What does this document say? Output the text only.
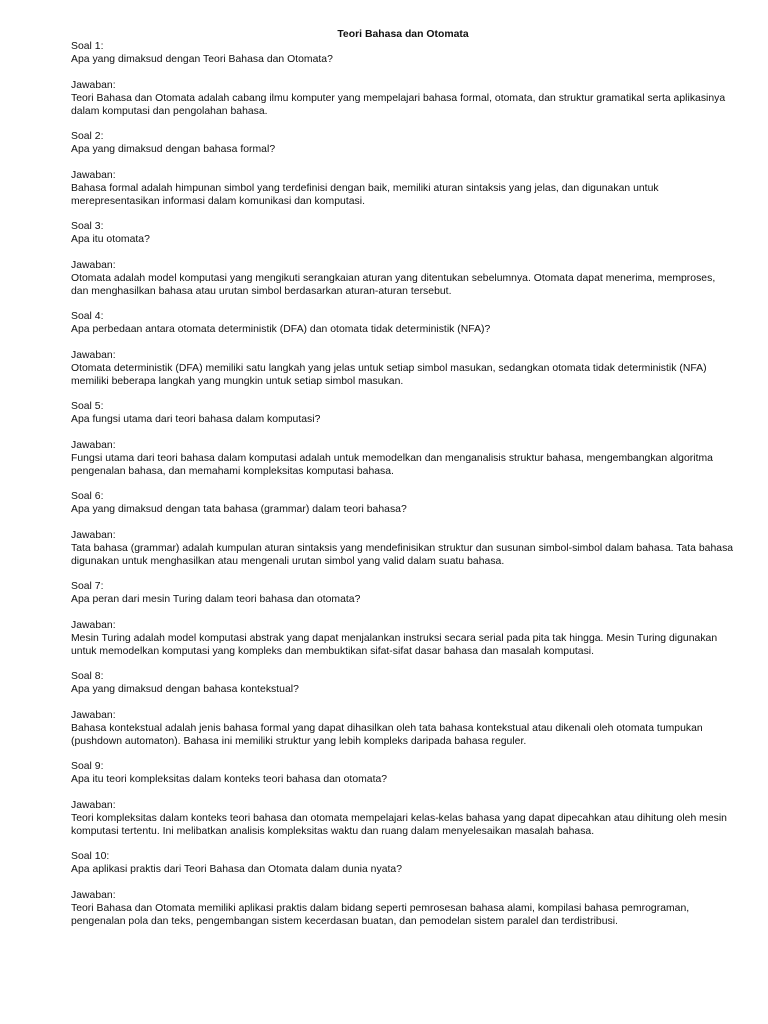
Teori Bahasa dan Otomata
Soal 1:
Apa yang dimaksud dengan Teori Bahasa dan Otomata?
Jawaban:
Teori Bahasa dan Otomata adalah cabang ilmu komputer yang mempelajari bahasa formal, otomata, dan struktur gramatikal serta aplikasinya dalam komputasi dan pengolahan bahasa.
Soal 2:
Apa yang dimaksud dengan bahasa formal?
Jawaban:
Bahasa formal adalah himpunan simbol yang terdefinisi dengan baik, memiliki aturan sintaksis yang jelas, dan digunakan untuk merepresentasikan informasi dalam komunikasi dan komputasi.
Soal 3:
Apa itu otomata?
Jawaban:
Otomata adalah model komputasi yang mengikuti serangkaian aturan yang ditentukan sebelumnya. Otomata dapat menerima, memproses, dan menghasilkan bahasa atau urutan simbol berdasarkan aturan-aturan tersebut.
Soal 4:
Apa perbedaan antara otomata deterministik (DFA) dan otomata tidak deterministik (NFA)?
Jawaban:
Otomata deterministik (DFA) memiliki satu langkah yang jelas untuk setiap simbol masukan, sedangkan otomata tidak deterministik (NFA) memiliki beberapa langkah yang mungkin untuk setiap simbol masukan.
Soal 5:
Apa fungsi utama dari teori bahasa dalam komputasi?
Jawaban:
Fungsi utama dari teori bahasa dalam komputasi adalah untuk memodelkan dan menganalisis struktur bahasa, mengembangkan algoritma pengenalan bahasa, dan memahami kompleksitas komputasi bahasa.
Soal 6:
Apa yang dimaksud dengan tata bahasa (grammar) dalam teori bahasa?
Jawaban:
Tata bahasa (grammar) adalah kumpulan aturan sintaksis yang mendefinisikan struktur dan susunan simbol-simbol dalam bahasa. Tata bahasa digunakan untuk menghasilkan atau mengenali urutan simbol yang valid dalam suatu bahasa.
Soal 7:
Apa peran dari mesin Turing dalam teori bahasa dan otomata?
Jawaban:
Mesin Turing adalah model komputasi abstrak yang dapat menjalankan instruksi secara serial pada pita tak hingga. Mesin Turing digunakan untuk memodelkan komputasi yang kompleks dan membuktikan sifat-sifat dasar bahasa dan masalah komputasi.
Soal 8:
Apa yang dimaksud dengan bahasa kontekstual?
Jawaban:
Bahasa kontekstual adalah jenis bahasa formal yang dapat dihasilkan oleh tata bahasa kontekstual atau dikenali oleh otomata tumpukan (pushdown automaton). Bahasa ini memiliki struktur yang lebih kompleks daripada bahasa reguler.
Soal 9:
Apa itu teori kompleksitas dalam konteks teori bahasa dan otomata?
Jawaban:
Teori kompleksitas dalam konteks teori bahasa dan otomata mempelajari kelas-kelas bahasa yang dapat dipecahkan atau dihitung oleh mesin komputasi tertentu. Ini melibatkan analisis kompleksitas waktu dan ruang dalam menyelesaikan masalah bahasa.
Soal 10:
Apa aplikasi praktis dari Teori Bahasa dan Otomata dalam dunia nyata?
Jawaban:
Teori Bahasa dan Otomata memiliki aplikasi praktis dalam bidang seperti pemrosesan bahasa alami, kompilasi bahasa pemrograman, pengenalan pola dan teks, pengembangan sistem kecerdasan buatan, dan pemodelan sistem paralel dan terdistribusi.
